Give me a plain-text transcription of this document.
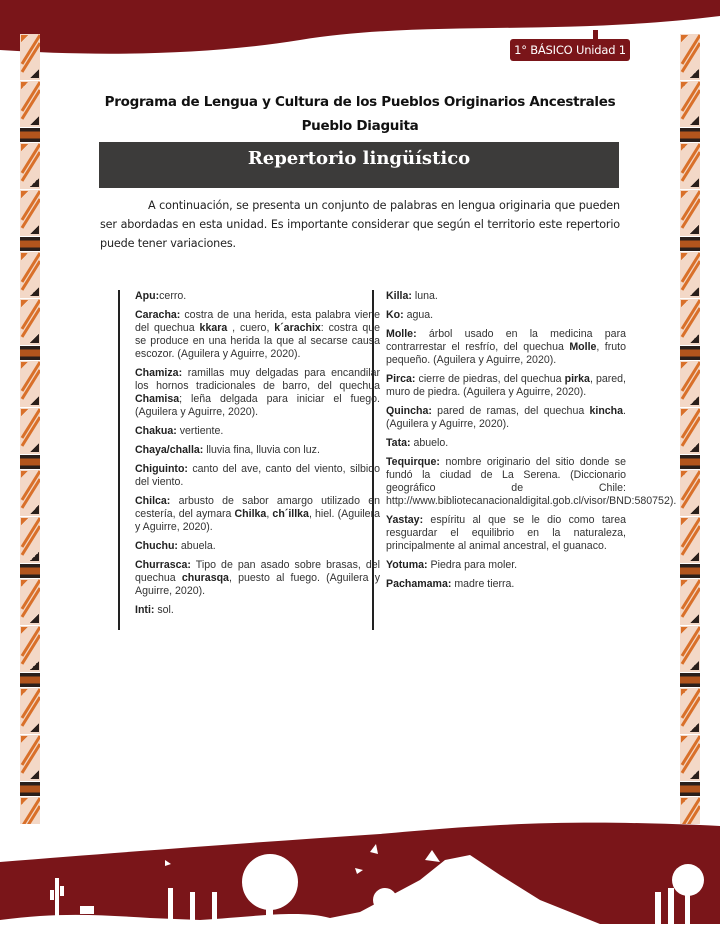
1° BÁSICO Unidad 1
Programa de Lengua y Cultura de los Pueblos Originarios Ancestrales
Pueblo Diaguita
Repertorio lingüístico
A continuación, se presenta un conjunto de palabras en lengua originaria que pueden ser abordadas en esta unidad. Es importante considerar que según el territorio este repertorio puede tener variaciones.
Apu:cerro.
Caracha: costra de una herida, esta palabra viene del quechua kkara , cuero, k´arachix: costra que se produce en una herida la que al secarse causa escozor. (Aguilera y Aguirre, 2020).
Chamiza: ramillas muy delgadas para encandilar los hornos tradicionales de barro, del quechua Chamisa; leña delgada para iniciar el fuego. (Aguilera y Aguirre, 2020).
Chakua: vertiente.
Chaya/challa: lluvia fina, lluvia con luz.
Chiguinto: canto del ave, canto del viento, silbido del viento.
Chilca: arbusto de sabor amargo utilizado en cestería, del aymara Chilka, ch´illka, hiel. (Aguilera y Aguirre, 2020).
Chuchu: abuela.
Churrasca: Tipo de pan asado sobre brasas, del quechua churasqa, puesto al fuego. (Aguilera y Aguirre, 2020).
Inti: sol.
Killa: luna.
Ko: agua.
Molle: árbol usado en la medicina para contrarrestar el resfrío, del quechua Molle, fruto pequeño. (Aguilera y Aguirre, 2020).
Pirca: cierre de piedras, del quechua pirka, pared, muro de piedra. (Aguilera y Aguirre, 2020).
Quincha: pared de ramas, del quechua kincha. (Aguilera y Aguirre, 2020).
Tata: abuelo.
Tequirque: nombre originario del sitio donde se fundó la ciudad de La Serena. (Diccionario geográfico de Chile: http://www.bibliotecanacionaldigital.gob.cl/visor/BND:580752).
Yastay: espíritu al que se le dio como tarea resguardar el equilibrio en la naturaleza, principalmente al animal ancestral, el guanaco.
Yotuma: Piedra para moler.
Pachamama: madre tierra.
